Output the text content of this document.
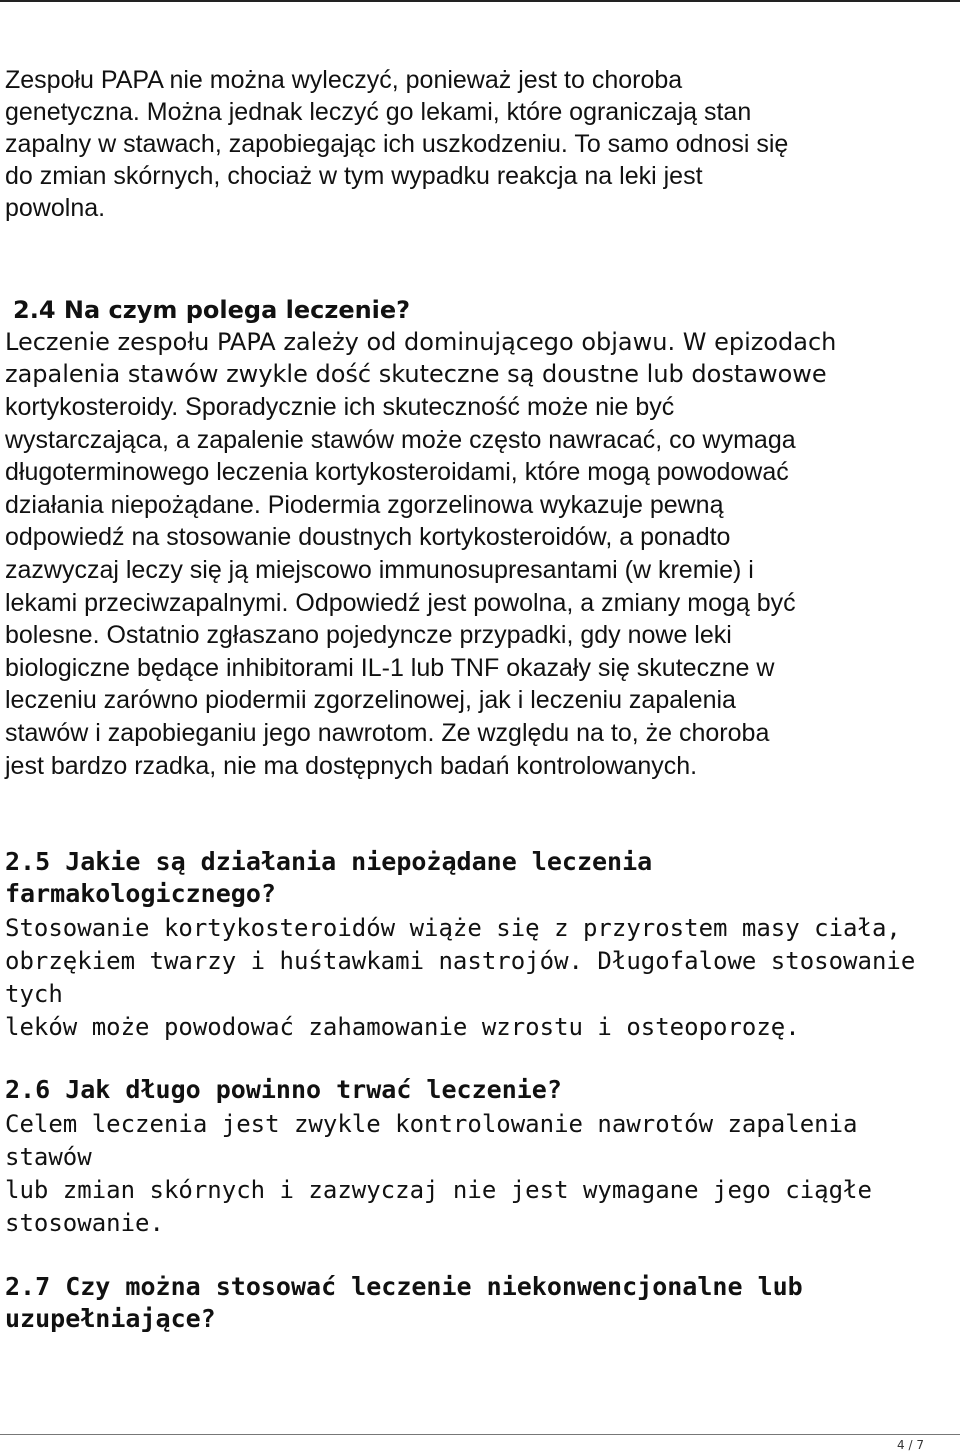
Zespołu PAPA nie można wyleczyć, ponieważ jest to choroba
genetyczna. Można jednak leczyć go lekami, które ograniczają stan
zapalny w stawach, zapobiegając ich uszkodzeniu. To samo odnosi się
do zmian skórnych, chociaż w tym wypadku reakcja na leki jest
powolna.

2.4 Na czym polega leczenie?

Leczenie zespołu PAPA zależy od dominującego objawu. W epizodach

zapalenia stawów zwykle dość skuteczne są doustne lub dostawowe

kortykosteroidy. Sporadycznie ich skuteczność może nie być
wystarczająca, a zapalenie stawów może często nawracać, co wymaga
długoterminowego leczenia kortykosteroidami, które mogą powodować
działania niepożądane. Piodermia zgorzelinowa wykazuje pewną
odpowiedź na stosowanie doustnych kortykosteroidów, a ponadto
zazwyczaj leczy się ją miejscowo immunosupresantami (w kremie) i
lekami przeciwzapalnymi. Odpowiedź jest powolna, a zmiany mogą być
bolesne. Ostatnio zgłaszano pojedyncze przypadki, gdy nowe leki
biologiczne będące inhibitorami IL-1 lub TNF okazały się skuteczne w
leczeniu zarówno piodermii zgorzelinowej, jak i leczeniu zapalenia
stawów i zapobieganiu jego nawrotom. Ze względu na to, że choroba
jest bardzo rzadka, nie ma dostępnych badań kontrolowanych.

2.5 Jakie są działania niepożądane leczenia
farmakologicznego?

Stosowanie kortykosteroidów wiąże się z przyrostem masy ciała,
obrzękiem twarzy i huśtawkami nastrojów. Długofalowe stosowanie tych
leków może powodować zahamowanie wzrostu i osteoporozę.

2.6 Jak długo powinno trwać leczenie?

Celem leczenia jest zwykle kontrolowanie nawrotów zapalenia stawów
lub zmian skórnych i zazwyczaj nie jest wymagane jego ciągłe
stosowanie.

2.7 Czy można stosować leczenie niekonwencjonalne lub
uzupełniające?
4 / 7
